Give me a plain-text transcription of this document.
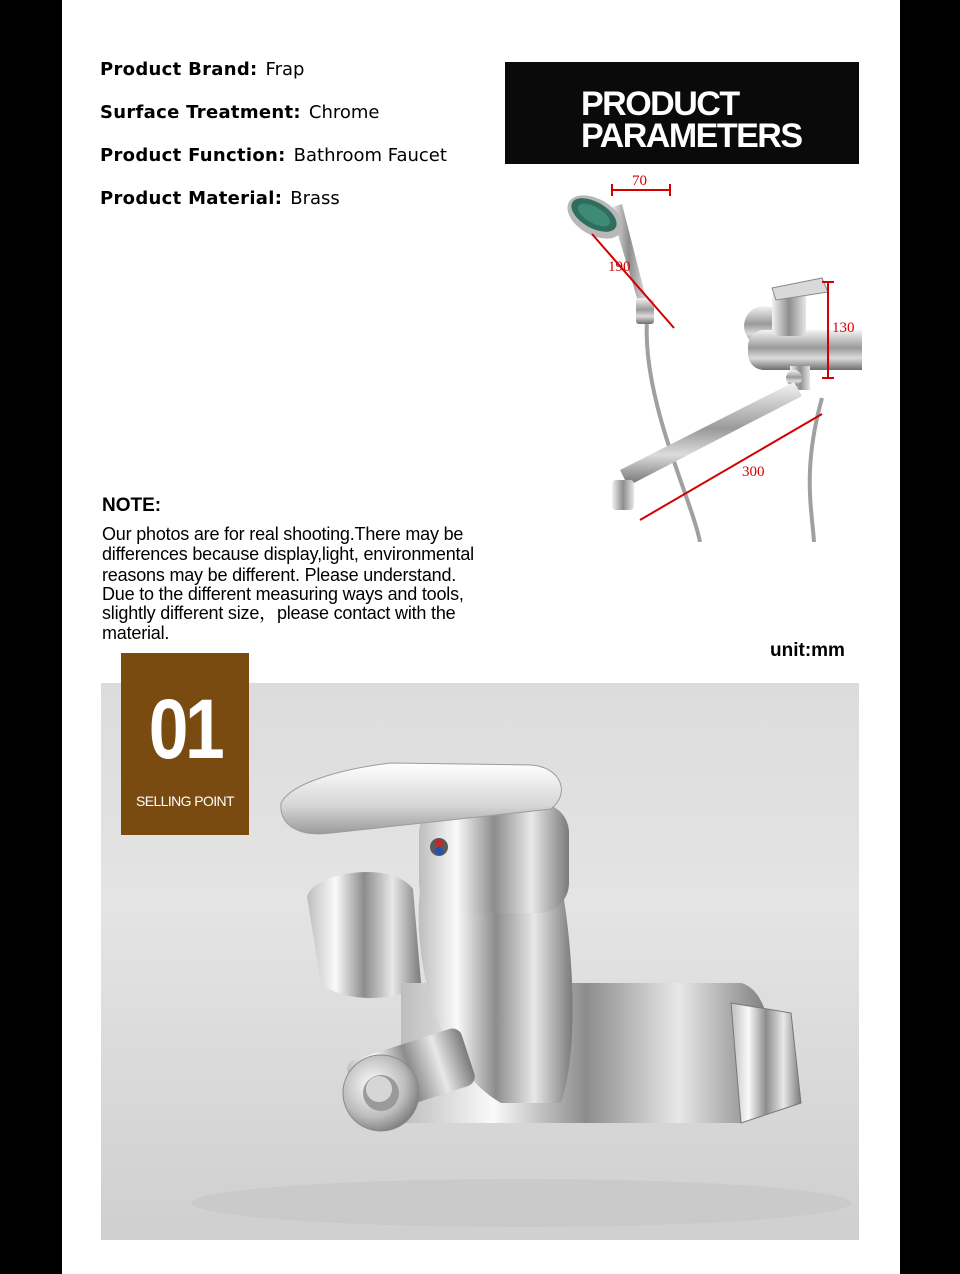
Product Brand: Frap
Surface Treatment: Chrome
Product Function: Bathroom Faucet
Product Material: Brass
PRODUCT
PARAMETERS
70
190
130
300
NOTE:
Our photos are for real shooting.There may be
differences because display,light, environmental
reasons may be different. Please understand.
Due to the different measuring ways and tools,
slightly different size，please contact with the
material.
unit:mm
01
SELLING POINT
